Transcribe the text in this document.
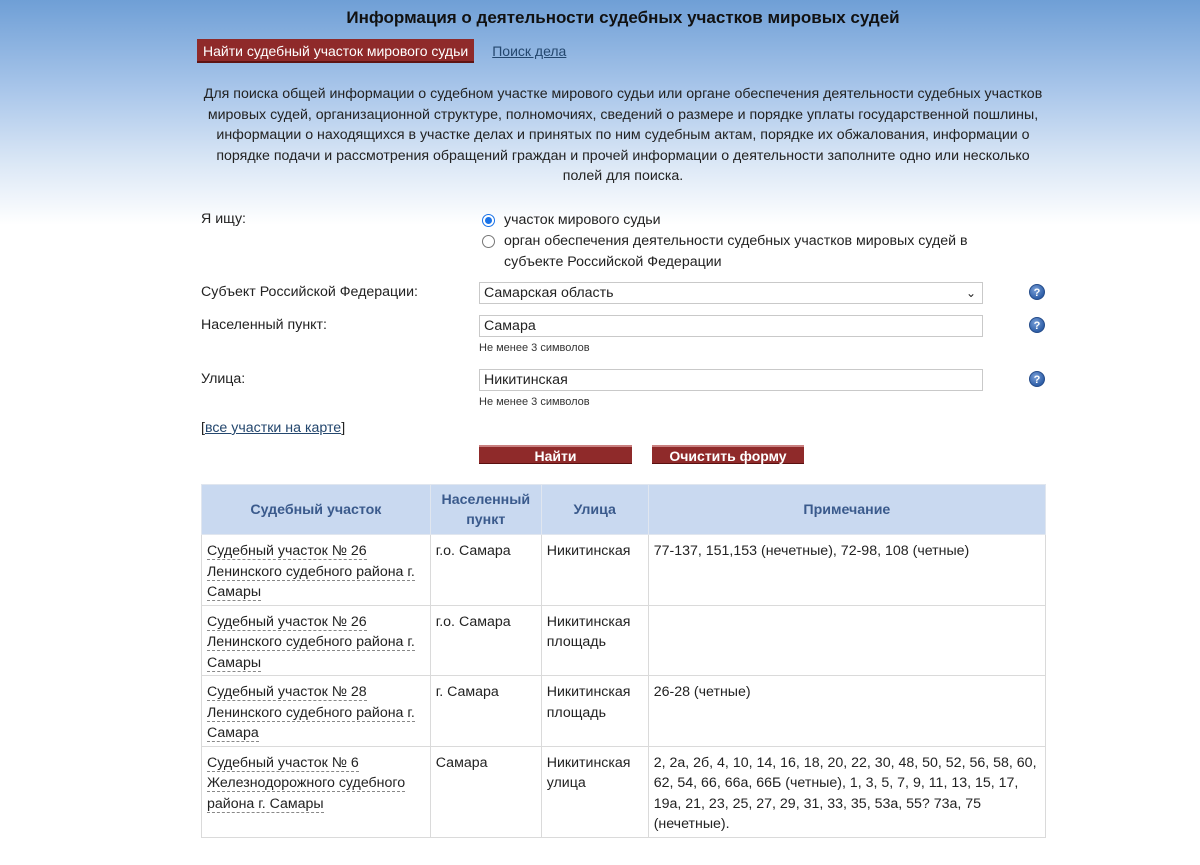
Информация о деятельности судебных участков мировых судей
Найти судебный участок мирового судьи	Поиск дела
Для поиска общей информации о судебном участке мирового судьи или органе обеспечения деятельности судебных участков мировых судей, организационной структуре, полномочиях, сведений о размере и порядке уплаты государственной пошлины, информации о находящихся в участке делах и принятых по ним судебным актам, порядке их обжалования, информации о порядке подачи и рассмотрения обращений граждан и прочей информации о деятельности заполните одно или несколько полей для поиска.
Я ищу:	участок мирового судьи
орган обеспечения деятельности судебных участков мировых судей в субъекте Российской Федерации
Субъект Российской Федерации:	Самарская область	⌄	?
Населенный пункт:	Самара	?
Не менее 3 символов
Улица:	Никитинская	?
Не менее 3 символов
[все участки на карте]
Найти	Очистить форму
Судебный участок	Населенный пункт	Улица	Примечание
Судебный участок № 26 Ленинского судебного района г. Самары	г.о. Самара	Никитинская	77-137, 151,153 (нечетные), 72-98, 108 (четные)
Судебный участок № 26 Ленинского судебного района г. Самары	г.о. Самара	Никитинская площадь	
Судебный участок № 28 Ленинского судебного района г. Самара	г. Самара	Никитинская площадь	26-28 (четные)
Судебный участок № 6 Железнодорожного судебного района г. Самары	Самара	Никитинская улица	2, 2а, 2б, 4, 10, 14, 16, 18, 20, 22, 30, 48, 50, 52, 56, 58, 60, 62, 54, 66, 66а, 66Б (четные), 1, 3, 5, 7, 9, 11, 13, 15, 17, 19а, 21, 23, 25, 27, 29, 31, 33, 35, 53а, 55? 73а, 75 (нечетные).
